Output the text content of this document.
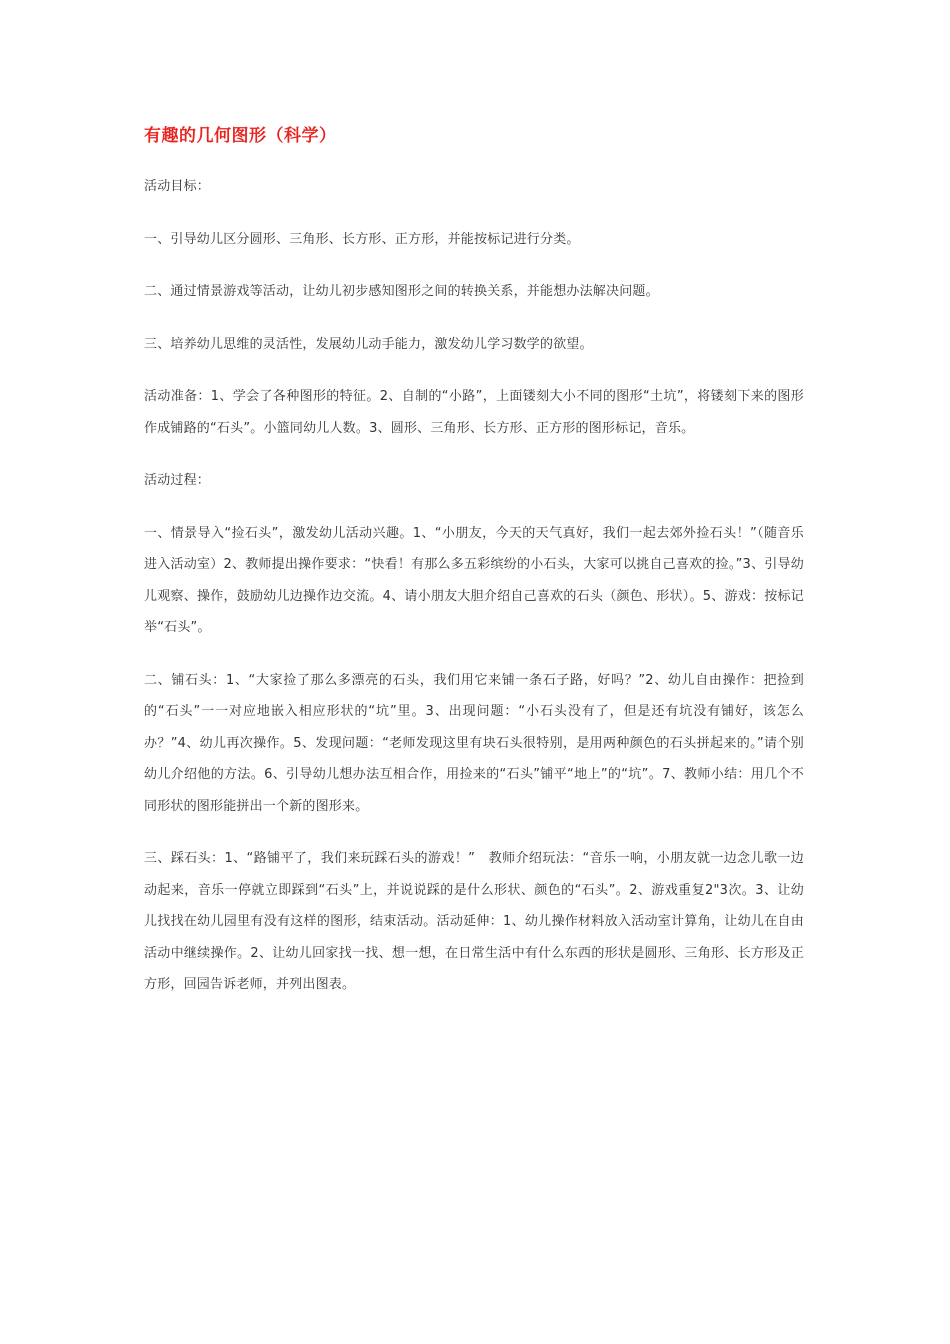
有趣的几何图形（科学）

活动目标：

一、引导幼儿区分圆形、三角形、长方形、正方形，并能按标记进行分类。

二、通过情景游戏等活动，让幼儿初步感知图形之间的转换关系，并能想办法解决问题。

三、培养幼儿思维的灵活性，发展幼儿动手能力，激发幼儿学习数学的欲望。

活动准备：1、学会了各种图形的特征。2、自制的“小路”，上面镂刻大小不同的图形“土坑”，将镂刻下来的图形作成铺路的“石头”。小篮同幼儿人数。3、圆形、三角形、长方形、正方形的图形标记，音乐。

活动过程：

一、情景导入“捡石头”，激发幼儿活动兴趣。1、“小朋友，今天的天气真好，我们一起去郊外捡石头！”（随音乐进入活动室）2、教师提出操作要求：“快看！有那么多五彩缤纷的小石头，大家可以挑自己喜欢的捡。”3、引导幼儿观察、操作，鼓励幼儿边操作边交流。4、请小朋友大胆介绍自己喜欢的石头（颜色、形状）。5、游戏：按标记举“石头”。

二、铺石头：1、“大家捡了那么多漂亮的石头，我们用它来铺一条石子路，好吗？”2、幼儿自由操作：把捡到的“石头”一一对应地嵌入相应形状的“坑”里。3、出现问题：“小石头没有了，但是还有坑没有铺好，该怎么办？”4、幼儿再次操作。5、发现问题：“老师发现这里有块石头很特别，是用两种颜色的石头拼起来的。”请个别幼儿介绍他的方法。6、引导幼儿想办法互相合作，用捡来的“石头”铺平“地上”的“坑”。7、教师小结：用几个不同形状的图形能拼出一个新的图形来。

三、踩石头：1、“路铺平了，我们来玩踩石头的游戏！”　教师介绍玩法：“音乐一响，小朋友就一边念儿歌一边动起来，音乐一停就立即踩到“石头”上，并说说踩的是什么形状、颜色的“石头”。2、游戏重复2"3次。3、让幼儿找找在幼儿园里有没有这样的图形，结束活动。活动延伸：1、幼儿操作材料放入活动室计算角，让幼儿在自由活动中继续操作。2、让幼儿回家找一找、想一想，在日常生活中有什么东西的形状是圆形、三角形、长方形及正方形，回园告诉老师，并列出图表。
